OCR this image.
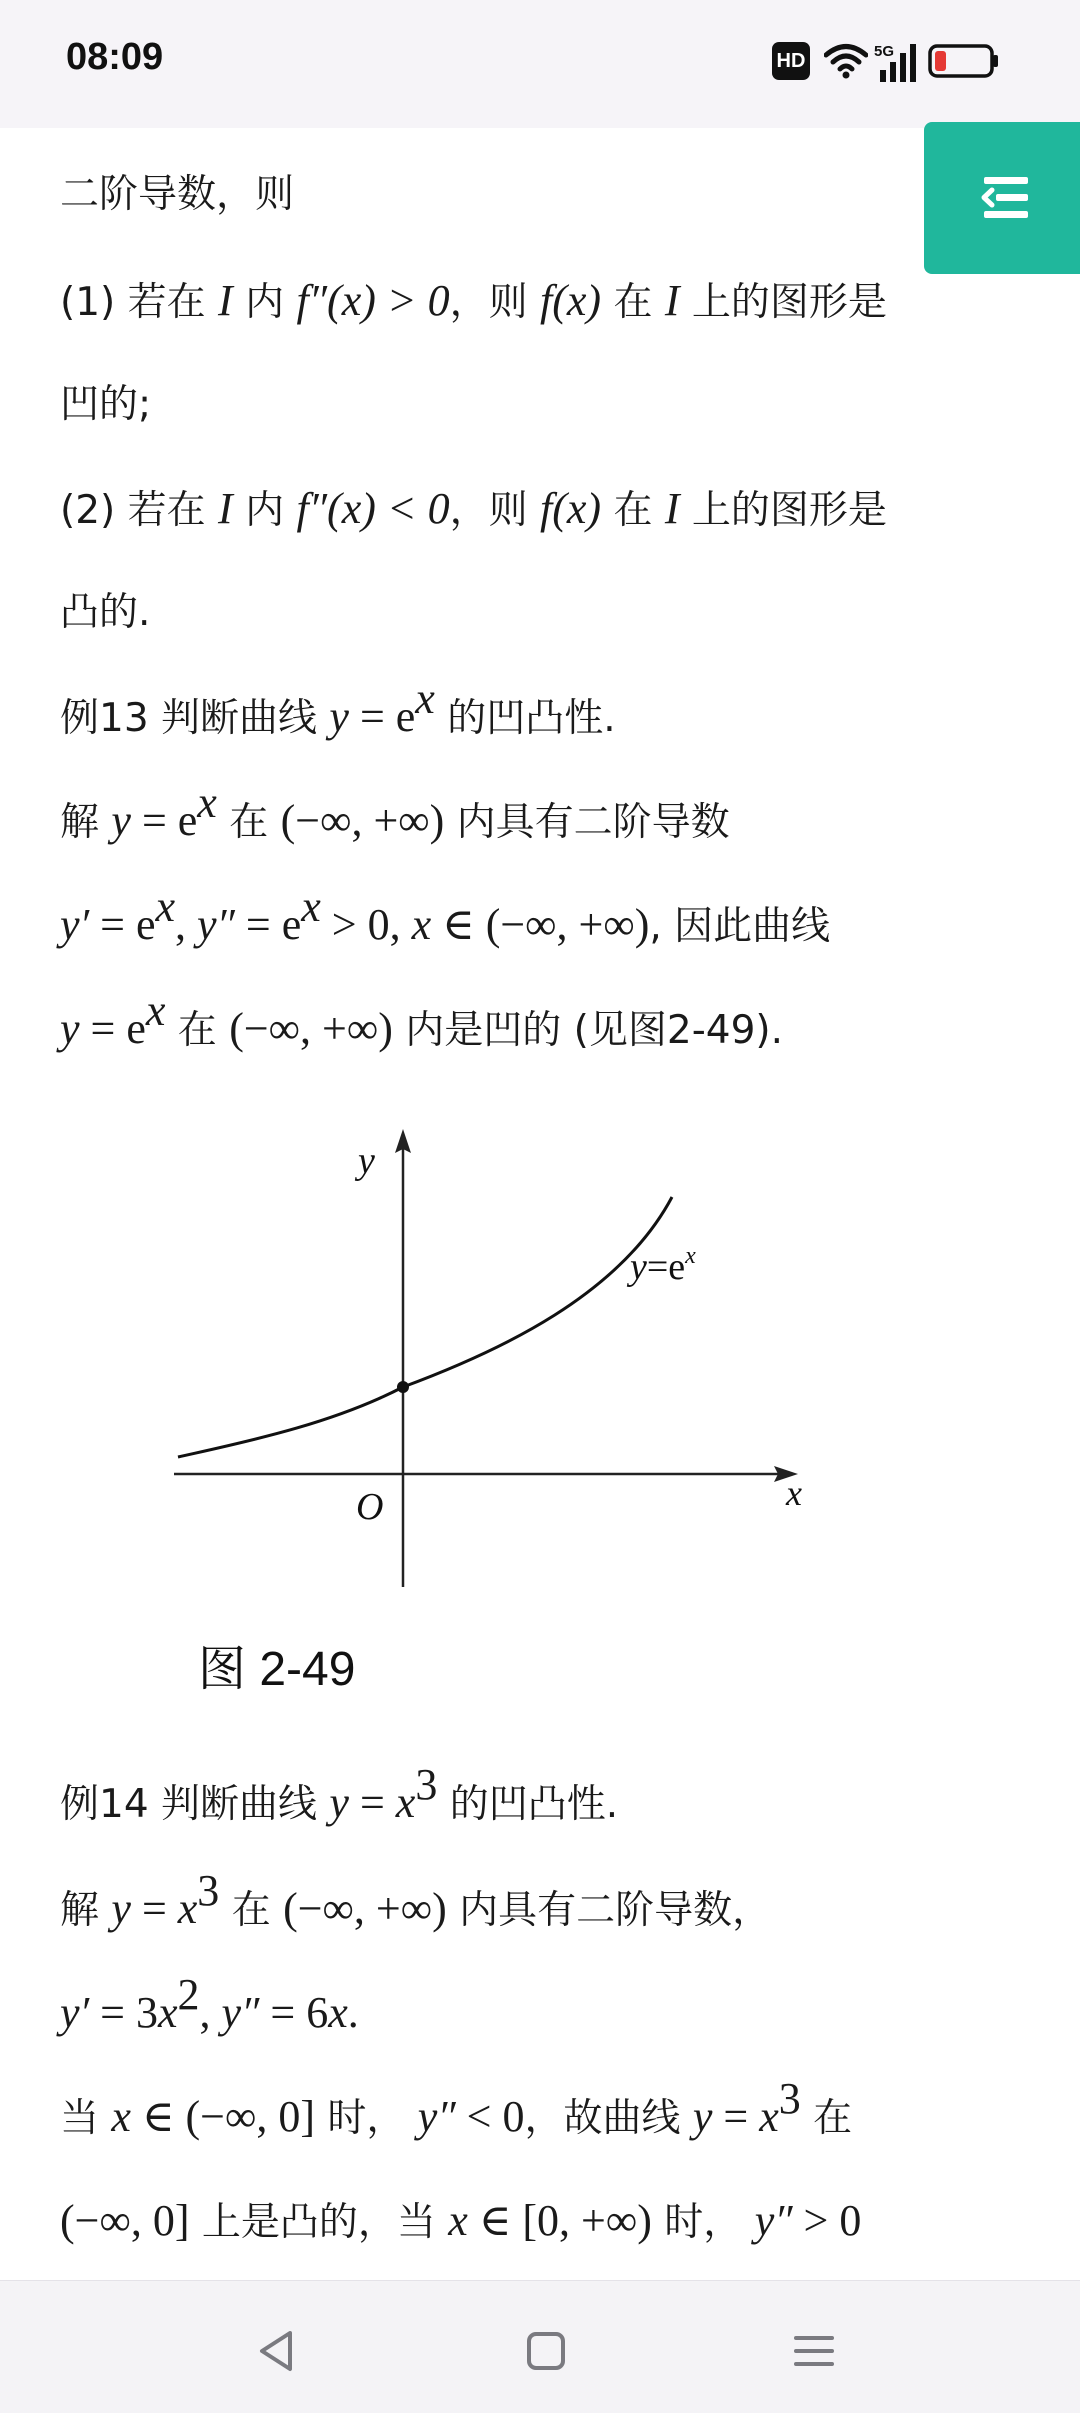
08:09	HD	5G
二阶导数，则
(1) 若在 I 内 f″(x) > 0，则 f(x) 在 I 上的图形是
凹的;
(2) 若在 I 内 f″(x) < 0，则 f(x) 在 I 上的图形是
凸的.
例13 判断曲线 $y = e^x$ 的凹凸性.
解 $y = e^x$ 在 (−∞, +∞) 内具有二阶导数
$y' = e^x$, $y'' = e^x > 0$, x ∈ (−∞, +∞), 因此曲线
$y = e^x$ 在 (−∞, +∞) 内是凹的 (见图2-49).
例14 判断曲线 $y = x^3$ 的凹凸性.
解 $y = x^3$ 在 (−∞, +∞) 内具有二阶导数，
$y' = 3x^2$, y″ = 6x.
当 x ∈ (−∞, 0] 时， y″ < 0，故曲线 $y = x^3$ 在
(−∞, 0] 上是凸的，当 x ∈ [0, +∞) 时， y″ > 0
y
x
O
$y=e^x$
图 2-49
